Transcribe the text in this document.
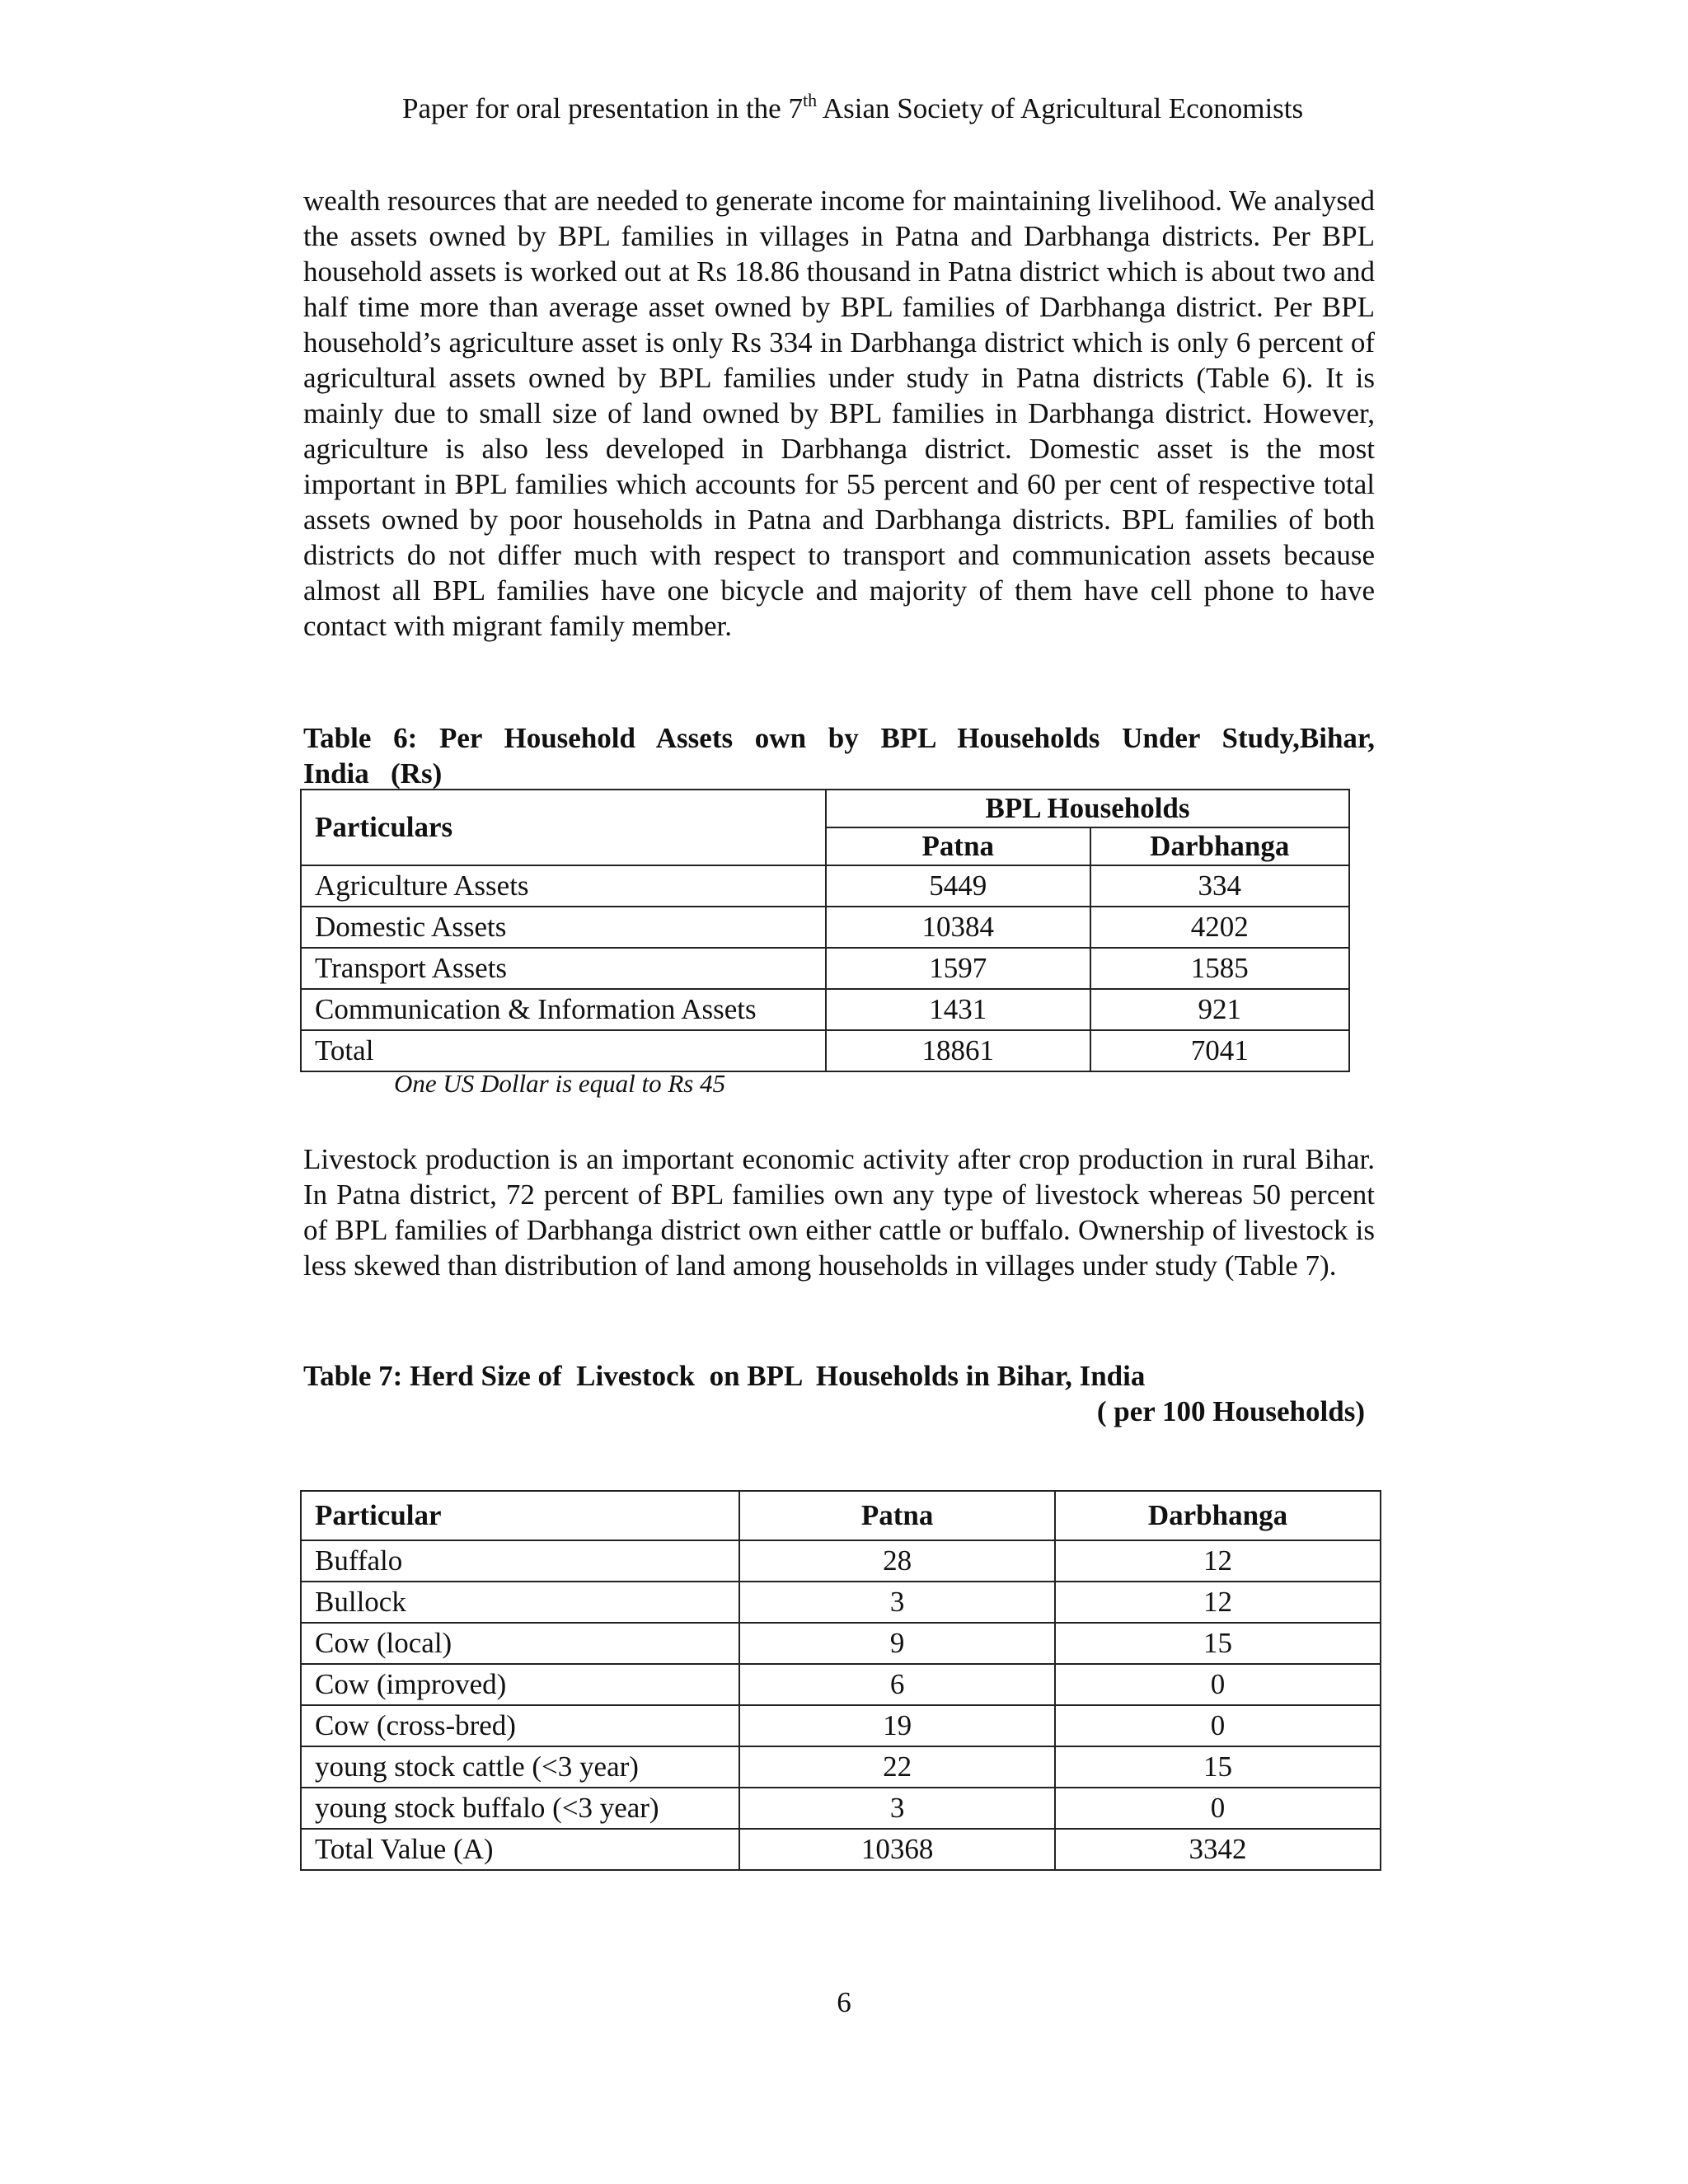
Paper for oral presentation in the 7th Asian Society of Agricultural Economists

wealth resources that are needed to generate income for maintaining livelihood. We analysed the assets owned by BPL families in villages in Patna and Darbhanga districts. Per BPL household assets is worked out at Rs 18.86 thousand in Patna district which is about two and half time more than average asset owned by BPL families of Darbhanga district. Per BPL household’s agriculture asset is only Rs 334 in Darbhanga district which is only 6 percent of agricultural assets owned by BPL families under study in Patna districts (Table 6). It is mainly due to small size of land owned by BPL families in Darbhanga district. However, agriculture is also less developed in Darbhanga district. Domestic asset is the most important in BPL families which accounts for 55 percent and 60 per cent of respective total assets owned by poor households in Patna and Darbhanga districts. BPL families of both districts do not differ much with respect to transport and communication assets because almost all BPL families have one bicycle and majority of them have cell phone to have contact with migrant family member.

Table 6: Per Household Assets own by BPL Households Under Study,Bihar,
India   (Rs)
Particulars	BPL Households	
	Patna	Darbhanga
Agriculture Assets	5449	334
Domestic Assets	10384	4202
Transport Assets	1597	1585
Communication & Information Assets	1431	921
Total	18861	7041
One US Dollar is equal to Rs 45

Livestock production is an important economic activity after crop production in rural Bihar. In Patna district, 72 percent of BPL families own any type of livestock whereas 50 percent of BPL families of Darbhanga district own either cattle or buffalo. Ownership of livestock is less skewed than distribution of land among households in villages under study (Table 7).

Table 7: Herd Size of  Livestock  on BPL  Households in Bihar, India
( per 100 Households)
Particular	Patna	Darbhanga
Buffalo	28	12
Bullock	3	12
Cow (local)	9	15
Cow (improved)	6	0
Cow (cross-bred)	19	0
young stock cattle (<3 year)	22	15
young stock buffalo (<3 year)	3	0
Total Value (A)	10368	3342
6
